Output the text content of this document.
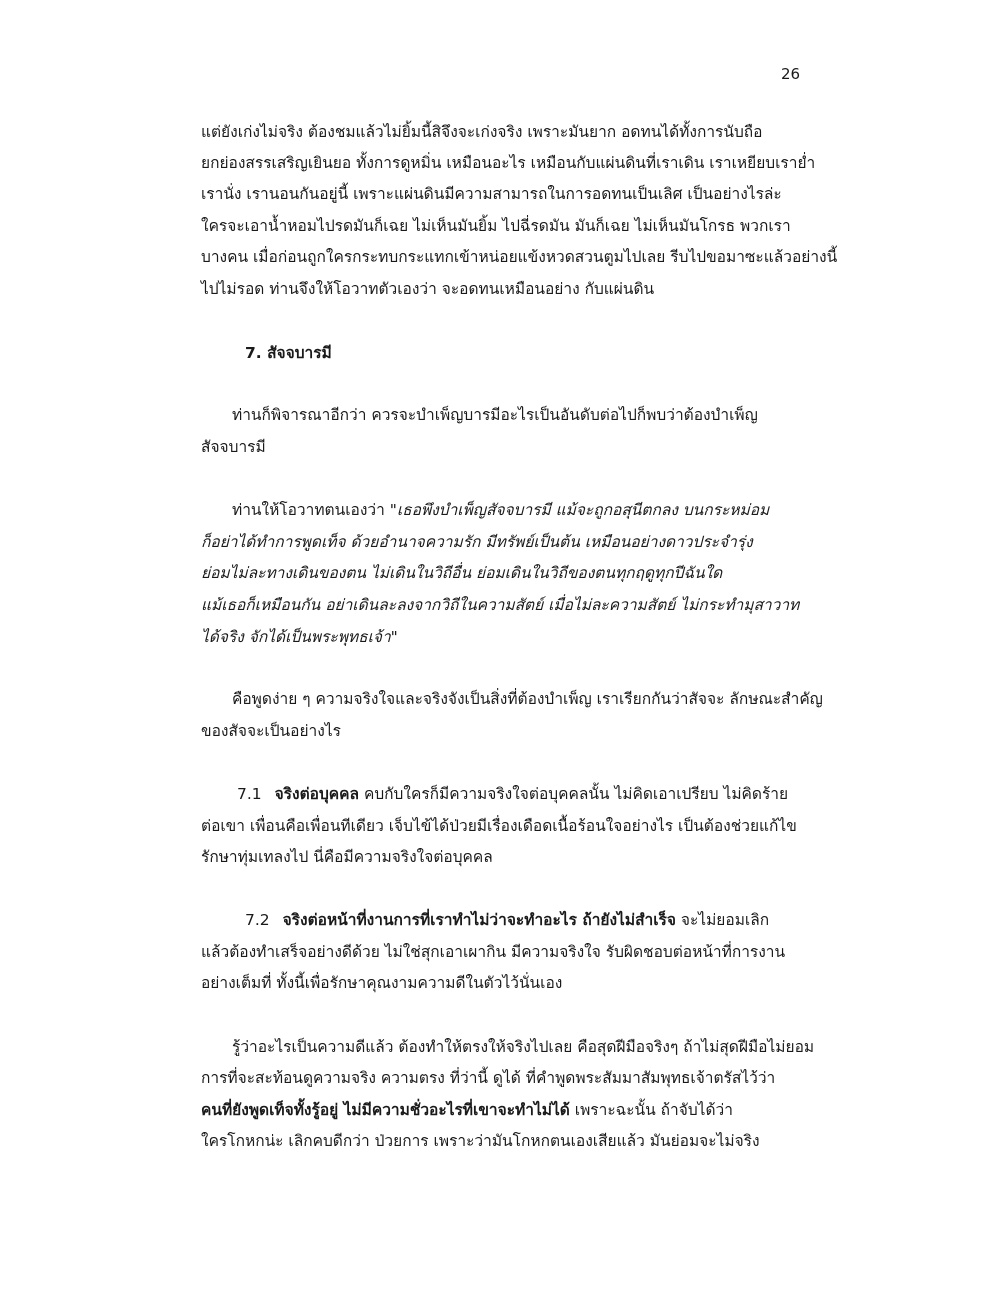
26
แต่ยังเก่งไม่จริง ต้องชมแล้วไม่ยิ้มนี้สิจึงจะเก่งจริง เพราะมันยาก อดทนได้ทั้งการนับถือ
ยกย่องสรรเสริญเยินยอ ทั้งการดูหมิ่น เหมือนอะไร เหมือนกับแผ่นดินที่เราเดิน เราเหยียบเราย่ำ
เรานั่ง เรานอนกันอยู่นี้ เพราะแผ่นดินมีความสามารถในการอดทนเป็นเลิศ เป็นอย่างไรล่ะ
ใครจะเอาน้ำหอมไปรดมันก็เฉย ไม่เห็นมันยิ้ม ไปฉี่รดมัน มันก็เฉย ไม่เห็นมันโกรธ พวกเรา
บางคน เมื่อก่อนถูกใครกระทบกระแทกเข้าหน่อยแข้งหวดสวนตูมไปเลย รีบไปขอมาซะแล้วอย่างนี้
ไปไม่รอด ท่านจึงให้โอวาทตัวเองว่า จะอดทนเหมือนอย่าง กับแผ่นดิน
7. สัจจบารมี
ท่านก็พิจารณาอีกว่า ควรจะบำเพ็ญบารมีอะไรเป็นอันดับต่อไปก็พบว่าต้องบำเพ็ญ
สัจจบารมี
ท่านให้โอวาทตนเองว่า "เธอพึงบำเพ็ญสัจจบารมี แม้จะถูกอสุนีตกลง บนกระหม่อม
ก็อย่าได้ทำการพูดเท็จ ด้วยอำนาจความรัก มีทรัพย์เป็นต้น เหมือนอย่างดาวประจำรุ่ง
ย่อมไม่ละทางเดินของตน ไม่เดินในวิถีอื่น ย่อมเดินในวิถีของตนทุกฤดูทุกปีฉันใด
แม้เธอก็เหมือนกัน อย่าเดินละลงจากวิถีในความสัตย์ เมื่อไม่ละความสัตย์ ไม่กระทำมุสาวาท
ได้จริง จักได้เป็นพระพุทธเจ้า"
คือพูดง่าย ๆ ความจริงใจและจริงจังเป็นสิ่งที่ต้องบำเพ็ญ เราเรียกกันว่าสัจจะ ลักษณะสำคัญ
ของสัจจะเป็นอย่างไร
7.1 จริงต่อบุคคล คบกับใครก็มีความจริงใจต่อบุคคลนั้น ไม่คิดเอาเปรียบ ไม่คิดร้าย
ต่อเขา เพื่อนคือเพื่อนทีเดียว เจ็บไข้ได้ป่วยมีเรื่องเดือดเนื้อร้อนใจอย่างไร เป็นต้องช่วยแก้ไข
รักษาทุ่มเทลงไป นี่คือมีความจริงใจต่อบุคคล
7.2 จริงต่อหน้าที่งานการที่เราทำไม่ว่าจะทำอะไร ถ้ายังไม่สำเร็จ จะไม่ยอมเลิก
แล้วต้องทำเสร็จอย่างดีด้วย ไม่ใช่สุกเอาเผากิน มีความจริงใจ รับผิดชอบต่อหน้าที่การงาน
อย่างเต็มที่ ทั้งนี้เพื่อรักษาคุณงามความดีในตัวไว้นั่นเอง
รู้ว่าอะไรเป็นความดีแล้ว ต้องทำให้ตรงให้จริงไปเลย คือสุดฝีมือจริงๆ ถ้าไม่สุดฝีมือไม่ยอม
การที่จะสะท้อนดูความจริง ความตรง ที่ว่านี้ ดูได้ ที่คำพูดพระสัมมาสัมพุทธเจ้าตรัสไว้ว่า
คนที่ยังพูดเท็จทั้งรู้อยู่ ไม่มีความชั่วอะไรที่เขาจะทำไม่ได้ เพราะฉะนั้น ถ้าจับได้ว่า
ใครโกหกน่ะ เลิกคบดีกว่า ป่วยการ เพราะว่ามันโกหกตนเองเสียแล้ว มันย่อมจะไม่จริง
